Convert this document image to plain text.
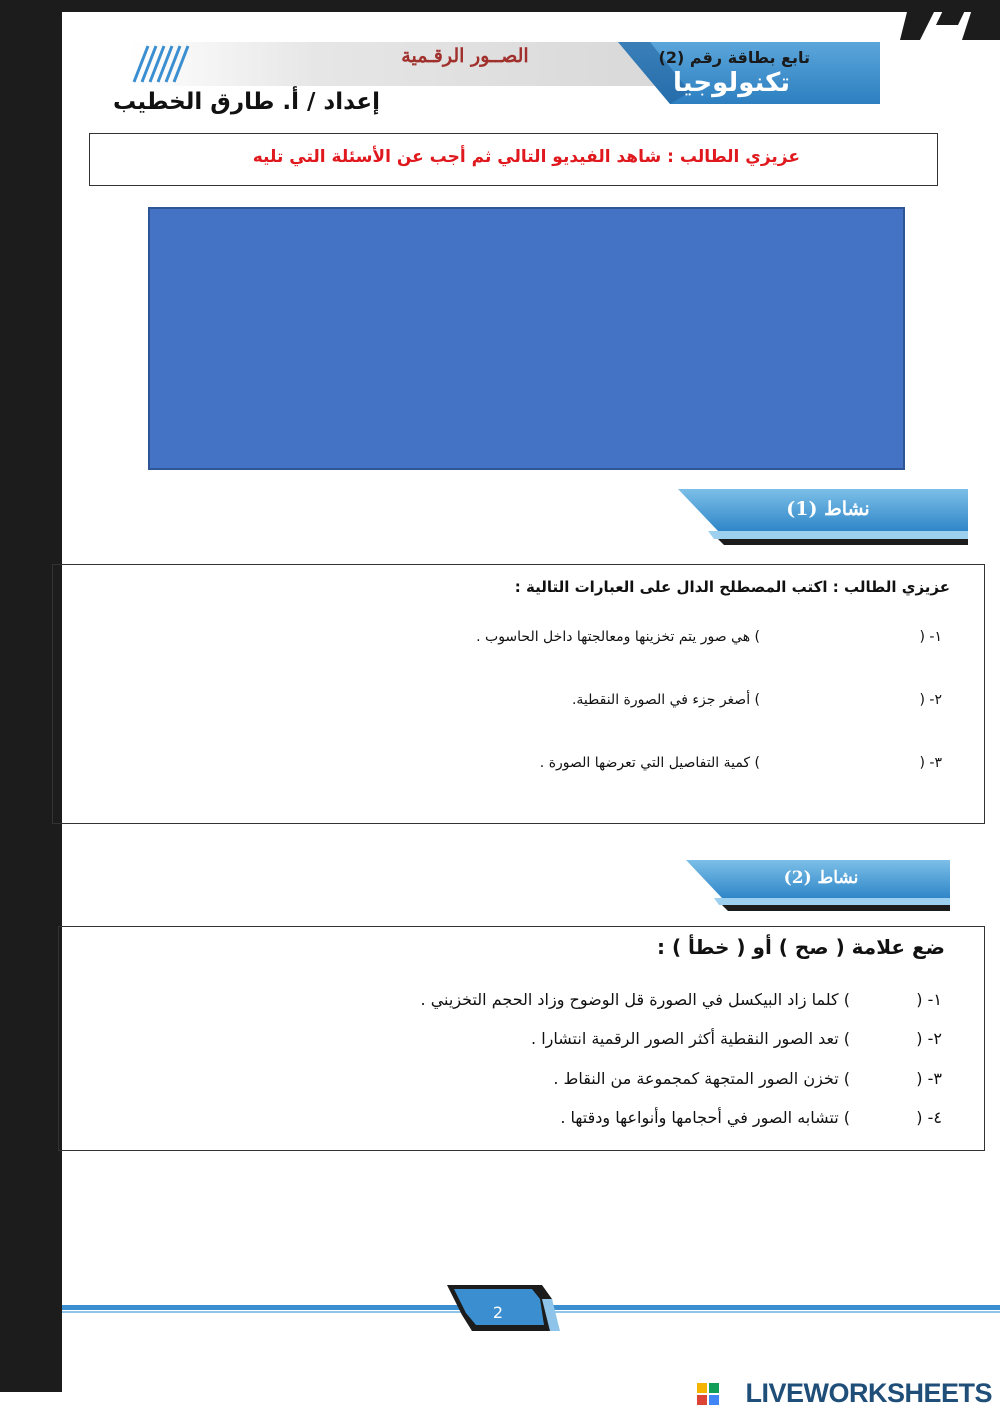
تابع بطاقة رقم (2)
تكنولوجيا
الصــور الرقـمية
إعداد / أ. طارق الخطيب
عزيزي الطالب : شاهد الفيديو التالي ثم أجب عن الأسئلة التي تليه
نشاط (1)
عزيزي الطالب : اكتب المصطلح الدال على العبارات التالية :
١- (
) هي صور يتم تخزينها ومعالجتها داخل الحاسوب .
٢- (
) أصغر جزء في الصورة النقطية.
٣- (
) كمية التفاصيل التي تعرضها الصورة .
نشاط (2)
ضع علامة ( صح ) أو ( خطأ ) :
١- (
) كلما زاد البيكسل في الصورة قل الوضوح وزاد الحجم التخزيني .
٢- (
) تعد الصور النقطية أكثر الصور الرقمية انتشارا .
٣- (
) تخزن الصور المتجهة كمجموعة من النقاط .
٤- (
) تتشابه الصور في أحجامها وأنواعها ودقتها .
2
LIVEWORKSHEETS
